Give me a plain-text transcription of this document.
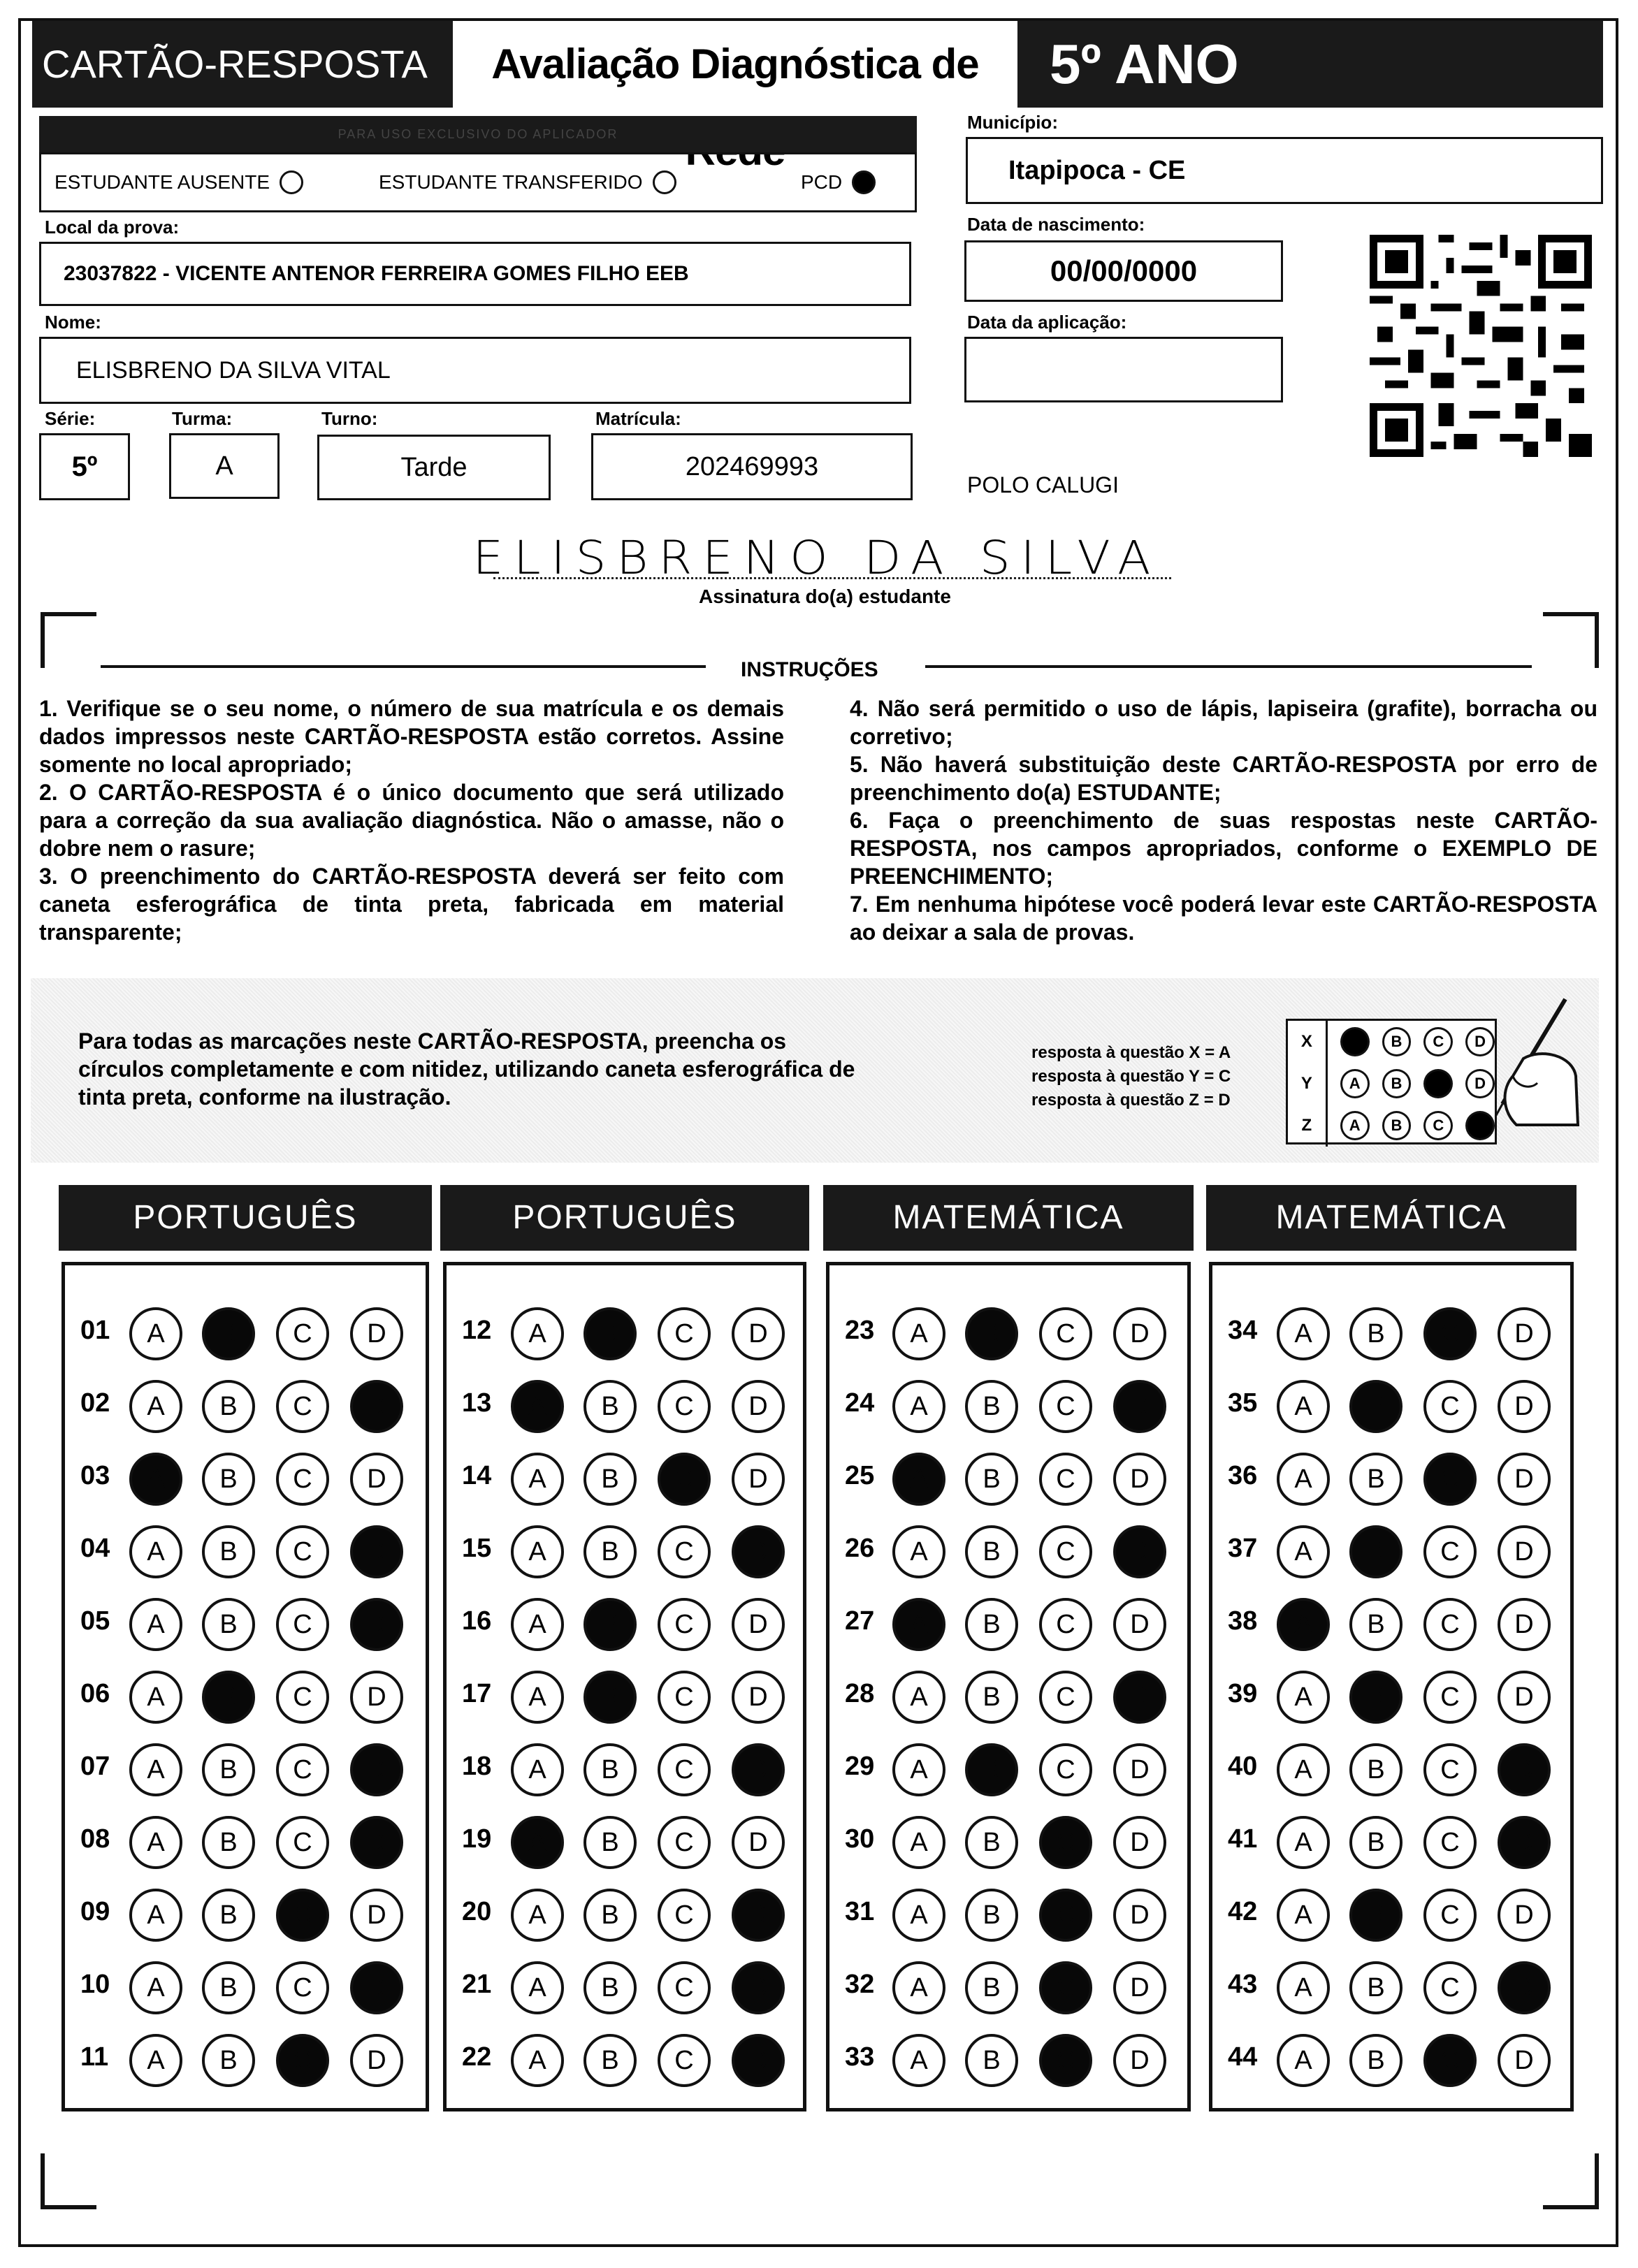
CARTÃO-RESPOSTA	Avaliação Diagnóstica de	5º ANO
PARA USO EXCLUSIVO DO APLICADOR
ESTUDANTE AUSENTE	ESTUDANTE TRANSFERIDO	PCD
Município:
Itapipoca - CE
Local da prova:
23037822 - VICENTE ANTENOR FERREIRA GOMES FILHO EEB
Data de nascimento:
00/00/0000
Nome:
ELISBRENO DA SILVA VITAL
Data da aplicação:
Série:
5º
Turma:
A
Turno:
Tarde
Matrícula:
202469993
POLO CALUGI
ELISBRENO DA SILVA
Assinatura do(a) estudante
INSTRUÇÕES

1. Verifique se o seu nome, o número de sua matrícula e os demais dados impressos neste CARTÃO-RESPOSTA estão corretos. Assine somente no local apropriado;

2. O CARTÃO-RESPOSTA é o único documento que será utilizado para a correção da sua avaliação diagnóstica. Não o amasse, não o dobre nem o rasure;

3. O preenchimento do CARTÃO-RESPOSTA deverá ser feito com caneta esferográfica de tinta preta, fabricada em material transparente;

4. Não será permitido o uso de lápis, lapiseira (grafite), borracha ou corretivo;

5. Não haverá substituição deste CARTÃO-RESPOSTA por erro de preenchimento do(a) ESTUDANTE;

6. Faça o preenchimento de suas respostas neste CARTÃO-RESPOSTA, nos campos apropriados, conforme o EXEMPLO DE PREENCHIMENTO;

7. Em nenhuma hipótese você poderá levar este CARTÃO-RESPOSTA ao deixar a sala de provas.

Para todas as marcações neste CARTÃO-RESPOSTA, preencha os círculos completamente e com nitidez, utilizando caneta esferográfica de tinta preta, conforme na ilustração.
resposta à questão X = A
resposta à questão Y = C
resposta à questão Z = D
X	A	B	C	D
Y	A	B	C	D
Z	A	B	C	D
PORTUGUÊS
01	A	B	C	D
02	A	B	C	D
03	A	B	C	D
04	A	B	C	D
05	A	B	C	D
06	A	B	C	D
07	A	B	C	D
08	A	B	C	D
09	A	B	C	D
10	A	B	C	D
11	A	B	C	D
PORTUGUÊS
12	A	B	C	D
13	A	B	C	D
14	A	B	C	D
15	A	B	C	D
16	A	B	C	D
17	A	B	C	D
18	A	B	C	D
19	A	B	C	D
20	A	B	C	D
21	A	B	C	D
22	A	B	C	D
MATEMÁTICA
23	A	B	C	D
24	A	B	C	D
25	A	B	C	D
26	A	B	C	D
27	A	B	C	D
28	A	B	C	D
29	A	B	C	D
30	A	B	C	D
31	A	B	C	D
32	A	B	C	D
33	A	B	C	D
MATEMÁTICA
34	A	B	C	D
35	A	B	C	D
36	A	B	C	D
37	A	B	C	D
38	A	B	C	D
39	A	B	C	D
40	A	B	C	D
41	A	B	C	D
42	A	B	C	D
43	A	B	C	D
44	A	B	C	D
